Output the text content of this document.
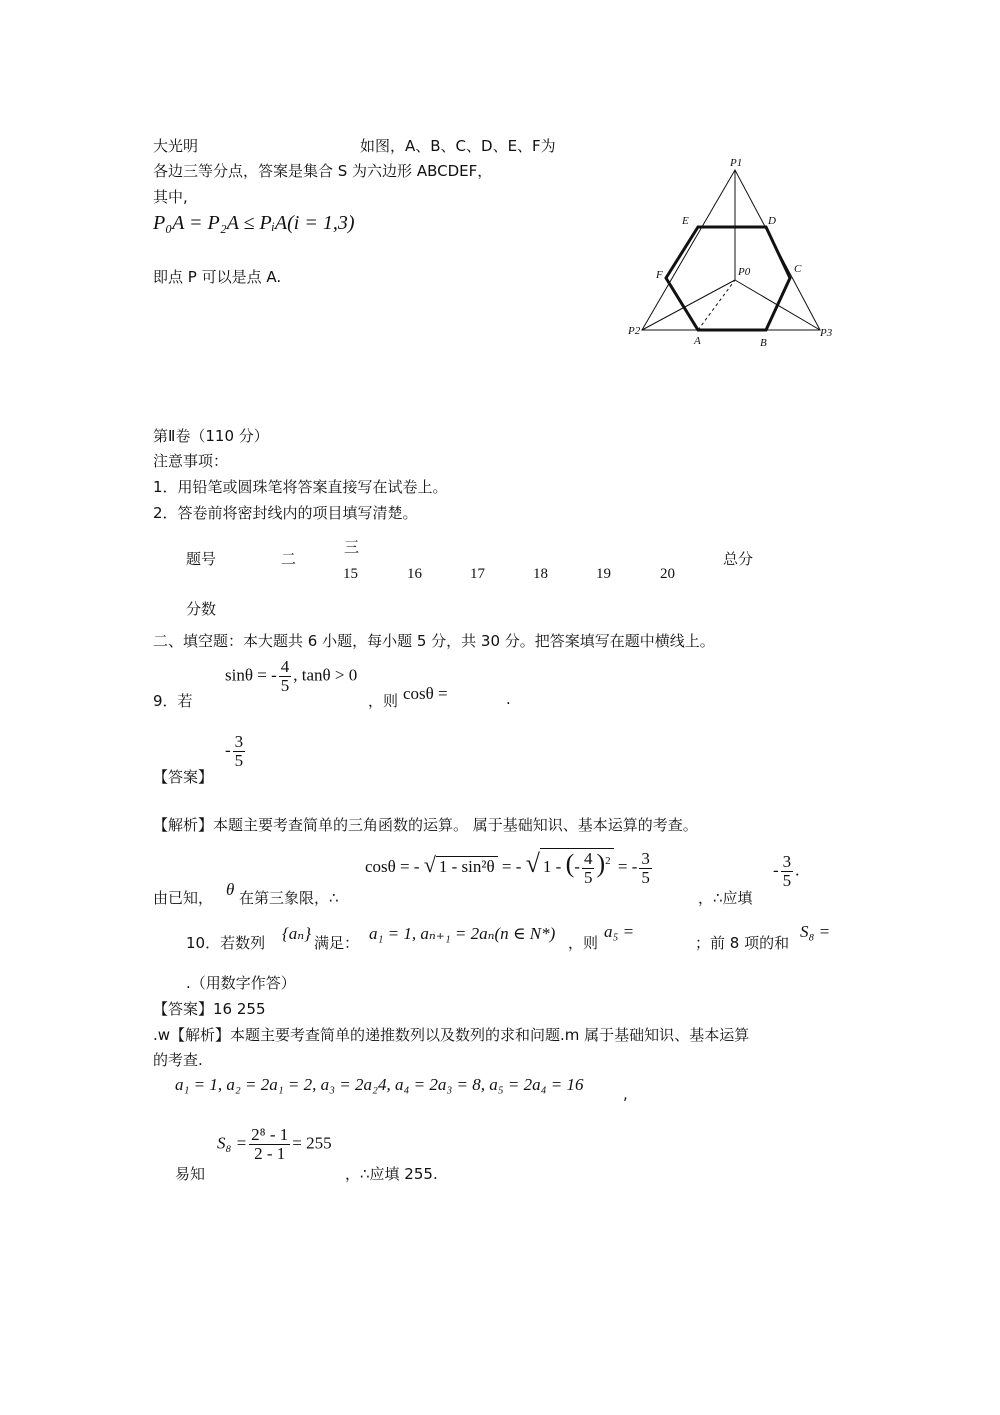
大光明	如图，A、B、C、D、E、F为
各边三等分点，答案是集合 S 为六边形 ABCDEF，
其中,
P₀A = P₂A ≤ PᵢA(i = 1,3)
即点 P 可以是点 A.
P1
E	D
F	P0	C
P2
A	B
P3
第Ⅱ卷（110 分）
注意事项：
1．用铅笔或圆珠笔将答案直接写在试卷上。
2．答卷前将密封线内的项目填写清楚。
题号	二
三
15	16	17	18	19	20
总分
分数
二、填空题：本大题共 6 小题，每小题 5 分，共 30 分。把答案填写在题中横线上。
9．若
sinθ = - $\frac{4}{5}$ , tanθ > 0
，则 cosθ =	.
【答案】
- $\frac{3}{5}$
【解析】本题主要考查简单的三角函数的运算。 属于基础知识、基本运算的考查。
由已知， θ 在第三象限，∴
cosθ = - √ 1 - sin²θ = - √ 1 - (- $\frac{4}{5} )^2$ = - $\frac{3}{5}$
，∴应填
- $\frac{3}{5}$ .
10．若数列 {aₙ} 满足： a₁ = 1, aₙ₊₁ = 2aₙ(n ∈ N*) ，则
a₅ =
；前 8 项的和
S₈ =
.（用数字作答）
【答案】16 255
.w【解析】本题主要考查简单的递推数列以及数列的求和问题.m 属于基础知识、基本运算
的考查.
a₁ = 1, a₂ = 2a₁ = 2, a₃ = 2a₂4, a₄ = 2a₃ = 8, a₅ = 2a₄ = 16	,
易知
$S_8 = \frac{\text{2⁸ - 1}}{2 - 1} = 255$
，∴应填 255.
